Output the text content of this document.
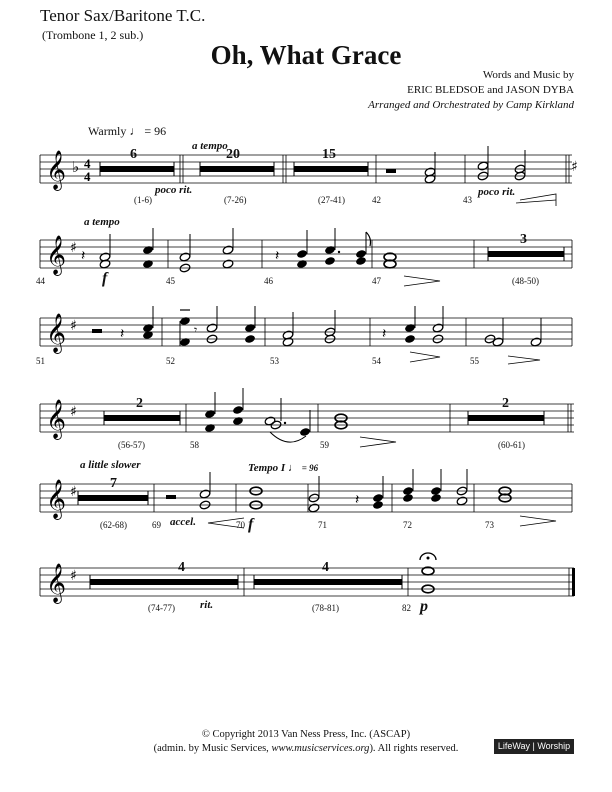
Tenor Sax/Baritone T.C.
(Trombone 1, 2 sub.)
Oh, What Grace
Words and Music by
ERIC BLEDSOE and JASON DYBA
Arranged and Orchestrated by Camp Kirkland
Warmly ♩ = 96
𝄞 ♭ 4
4
♯
6	20	15
a tempo
poco rit.	poco rit.
(1-6)	(7-26)	(27-41)	42	43
𝄞 ♯ 𝄽	𝄽
a tempo
f
3
44	45	46	47	(48-50)
𝄞 ♯	𝄽	𝄾	𝄽
51	52	53	54	55
𝄞 ♯
2	2
(56-57)	58	59	(60-61)
𝄞 ♯	𝄽
a little slower	Tempo I ♩ = 96
7
accel.	f
(62-68)	69	70	71	72	73
𝄞 ♯
4	4
(74-77) rit.	(78-81)	82 p
© Copyright 2013 Van Ness Press, Inc. (ASCAP)
(admin. by Music Services, www.musicservices.org). All rights reserved.	LifeWay | Worship
